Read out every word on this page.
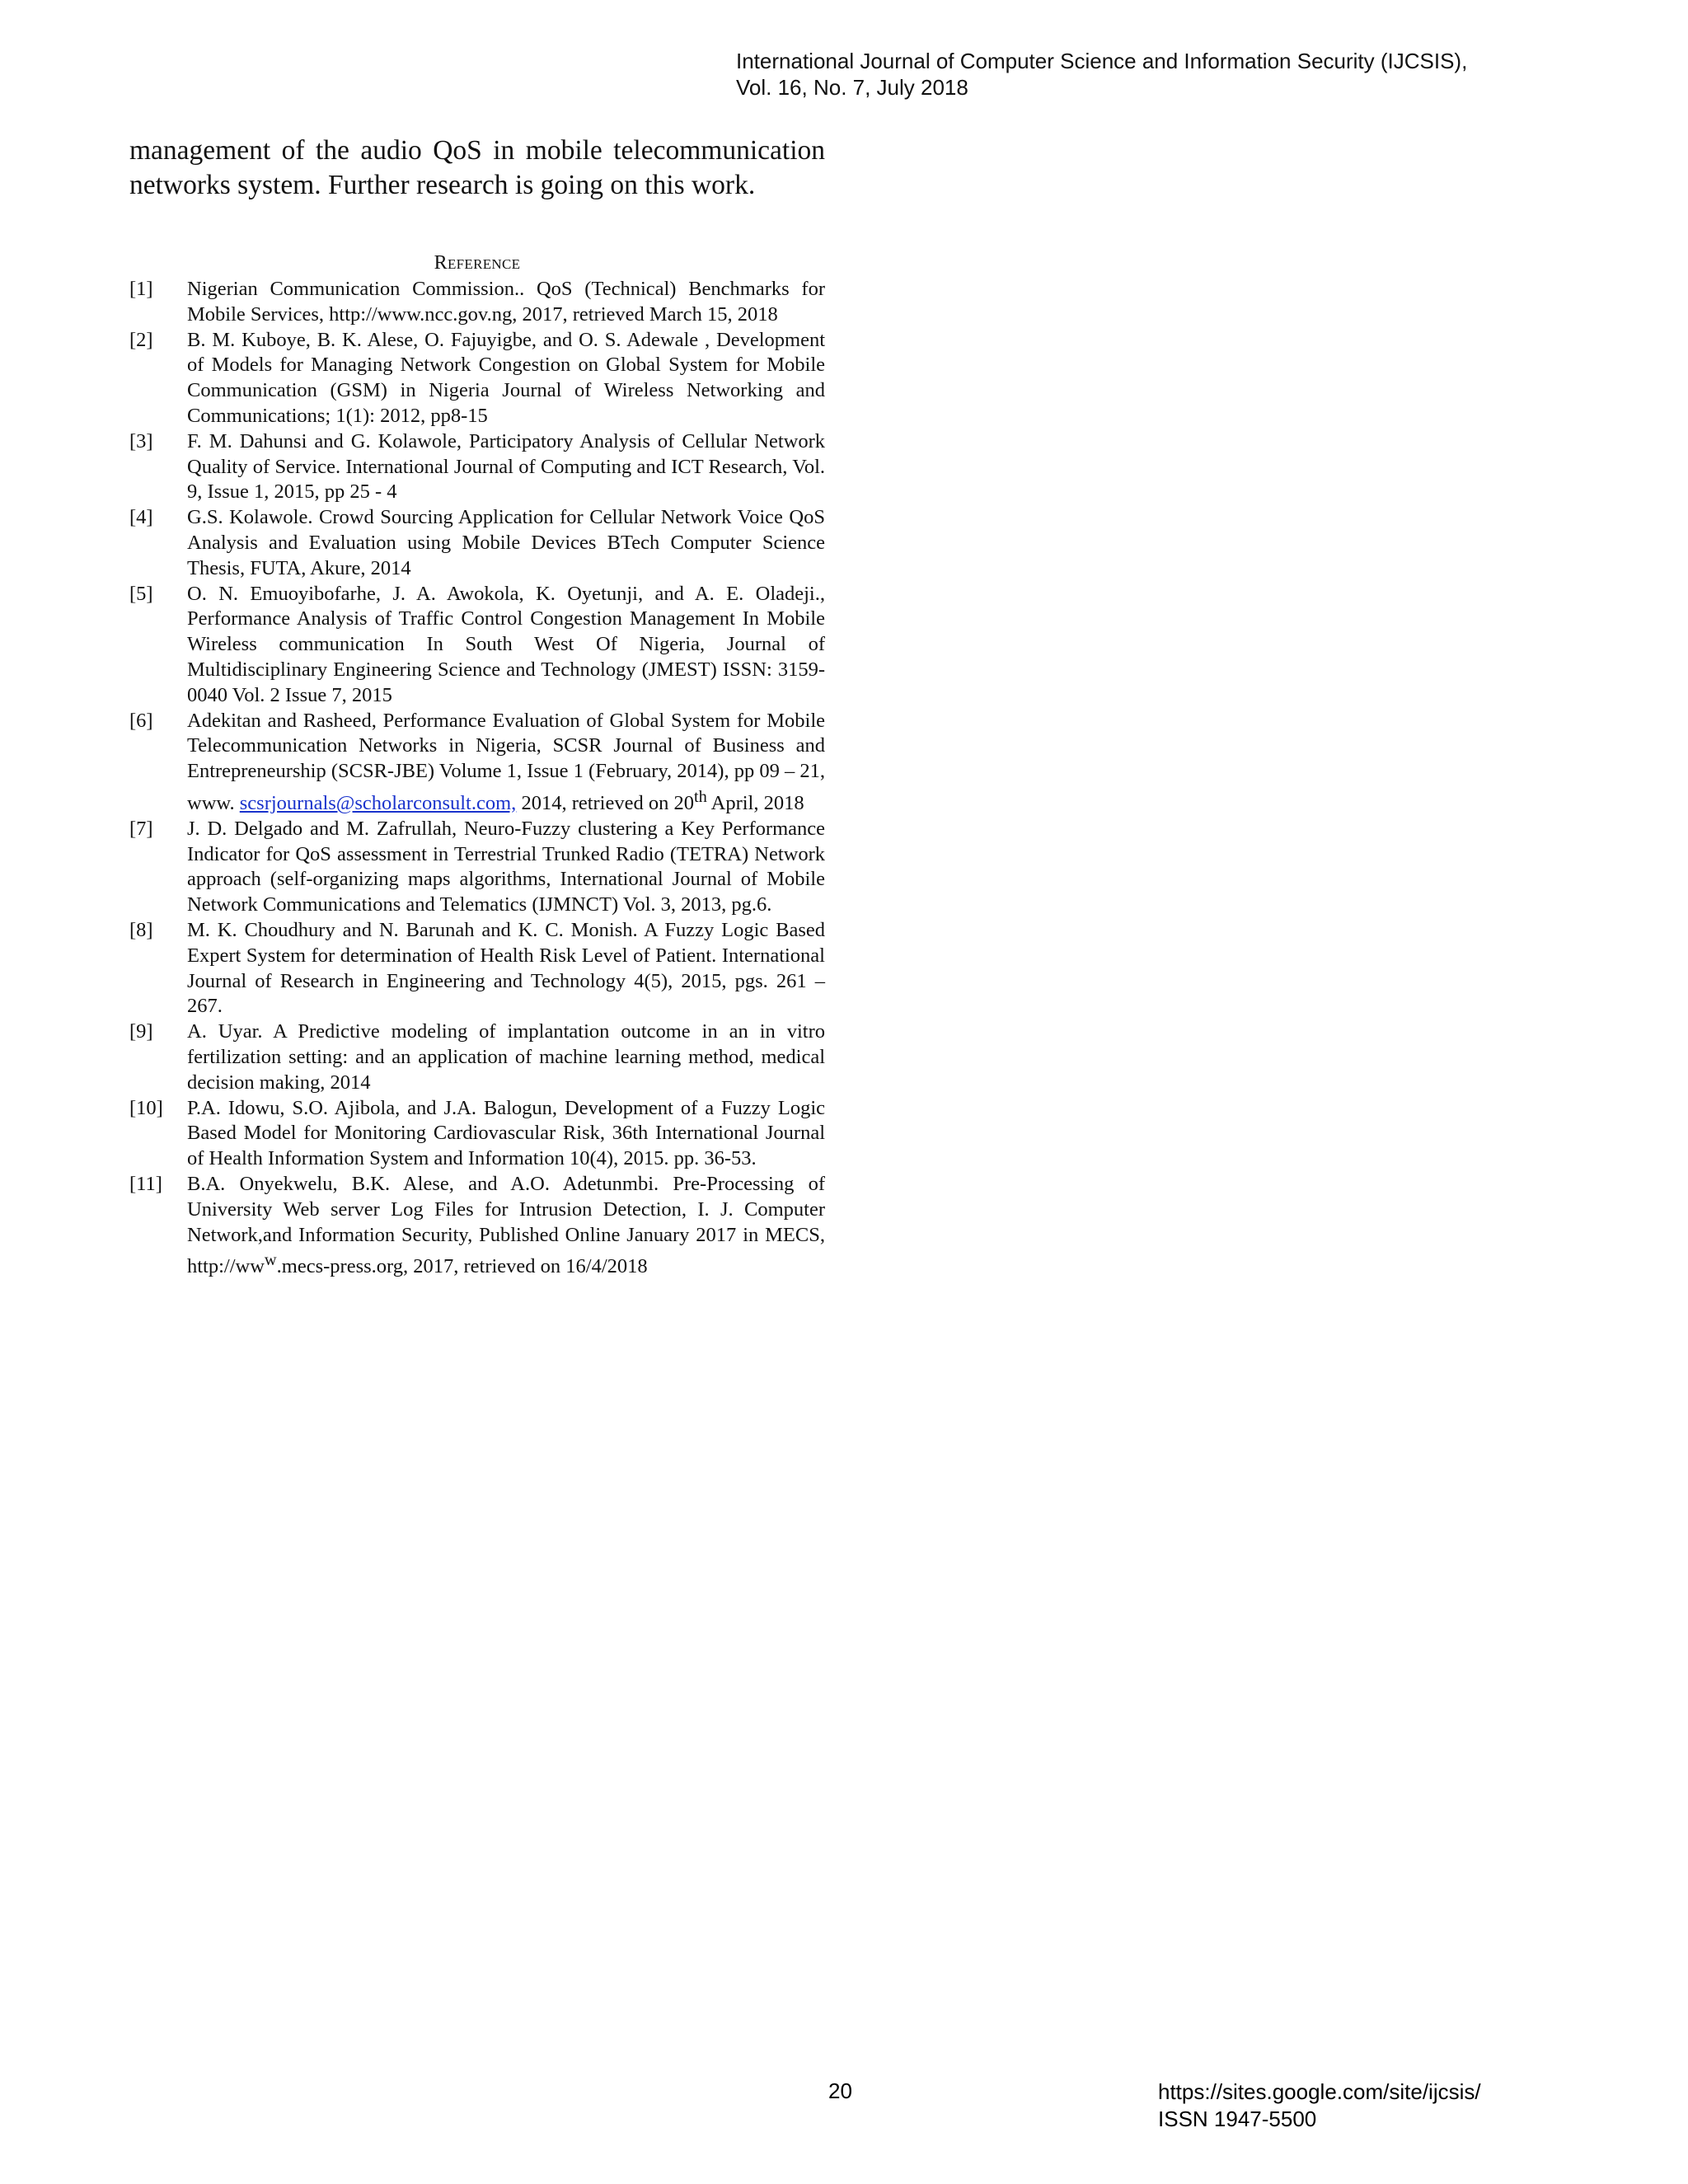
International Journal of Computer Science and Information Security (IJCSIS),
Vol. 16, No. 7, July 2018

management of the audio QoS in mobile telecommunication networks system. Further research is going on this work.

Reference
[1]	Nigerian Communication Commission.. QoS (Technical) Benchmarks for Mobile Services, http://www.ncc.gov.ng, 2017, retrieved March 15, 2018
[2]	B. M. Kuboye, B. K. Alese, O. Fajuyigbe, and O. S. Adewale , Development of Models for Managing Network Congestion on Global System for Mobile Communication (GSM) in Nigeria Journal of Wireless Networking and Communications; 1(1): 2012, pp8-15
[3]	F. M. Dahunsi and G. Kolawole, Participatory Analysis of Cellular Network Quality of Service. International Journal of Computing and ICT Research, Vol. 9, Issue 1, 2015, pp 25 - 4
[4]	G.S. Kolawole. Crowd Sourcing Application for Cellular Network Voice QoS Analysis and Evaluation using Mobile Devices BTech Computer Science Thesis, FUTA, Akure, 2014
[5]	O. N. Emuoyibofarhe, J. A. Awokola, K. Oyetunji, and A. E. Oladeji., Performance Analysis of Traffic Control Congestion Management In Mobile Wireless communication In South West Of Nigeria, Journal of Multidisciplinary Engineering Science and Technology (JMEST) ISSN: 3159-0040 Vol. 2 Issue 7, 2015
[6]	Adekitan and Rasheed, Performance Evaluation of Global System for Mobile Telecommunication Networks in Nigeria, SCSR Journal of Business and Entrepreneurship (SCSR-JBE) Volume 1, Issue 1 (February, 2014), pp 09 – 21, www. scsrjournals@scholarconsult.com, 2014, retrieved on 20th April, 2018
[7]	J. D. Delgado and M. Zafrullah, Neuro-Fuzzy clustering a Key Performance Indicator for QoS assessment in Terrestrial Trunked Radio (TETRA) Network approach (self-organizing maps algorithms, International Journal of Mobile Network Communications and Telematics (IJMNCT) Vol. 3, 2013, pg.6.
[8]	M. K. Choudhury and N. Barunah and K. C. Monish. A Fuzzy Logic Based Expert System for determination of Health Risk Level of Patient. International Journal of Research in Engineering and Technology 4(5), 2015, pgs. 261 – 267.
[9]	A. Uyar. A Predictive modeling of implantation outcome in an in vitro fertilization setting: and an application of machine learning method, medical decision making, 2014
[10]	P.A. Idowu, S.O. Ajibola, and J.A. Balogun, Development of a Fuzzy Logic Based Model for Monitoring Cardiovascular Risk, 36th International Journal of Health Information System and Information 10(4), 2015. pp. 36-53.
[11]	B.A. Onyekwelu, B.K. Alese, and A.O. Adetunmbi. Pre-Processing of University Web server Log Files for Intrusion Detection, I. J. Computer Network,and Information Security, Published Online January 2017 in MECS, $http://ww^w.mecs-press.org$, 2017, retrieved on 16/4/2018
20	https://sites.google.com/site/ijcsis/
ISSN 1947-5500
